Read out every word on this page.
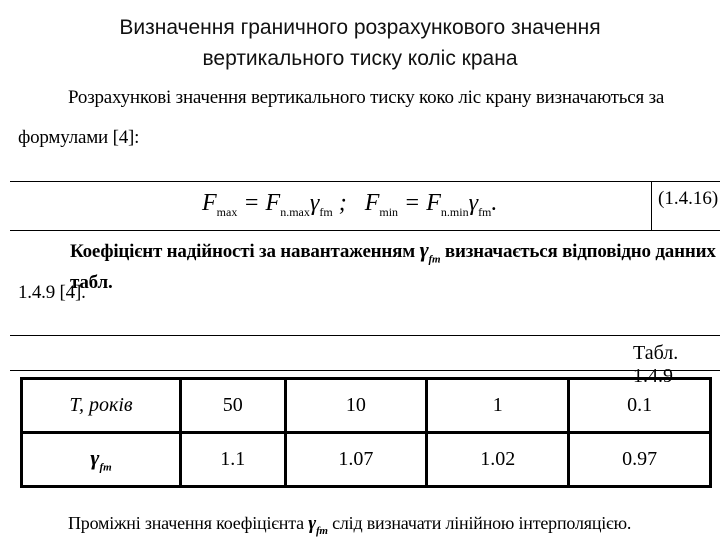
Визначення граничного розрахункового значення
вертикального тиску коліс крана
Розрахункові значення вертикального тиску коко ліс крану визначаються за
формулами [4]:
$F_{max} = F_{n.max}\gamma_{fm}$ ; $F_{min} = F_{n.min}\gamma_{fm}$.	(1.4.16)
Коефіцієнт надійності за навантаженням $\gamma_{fm}$ визначається відповідно данних табл.
1.4.9 [4].
Табл. 1.4.9
T, років	50	10	1	0.1
$\gamma_{fm}$	1.1	1.07	1.02	0.97
Проміжні значення коефіцієнта $\gamma_{fm}$ слід визначати лінійною інтерполяцією.
